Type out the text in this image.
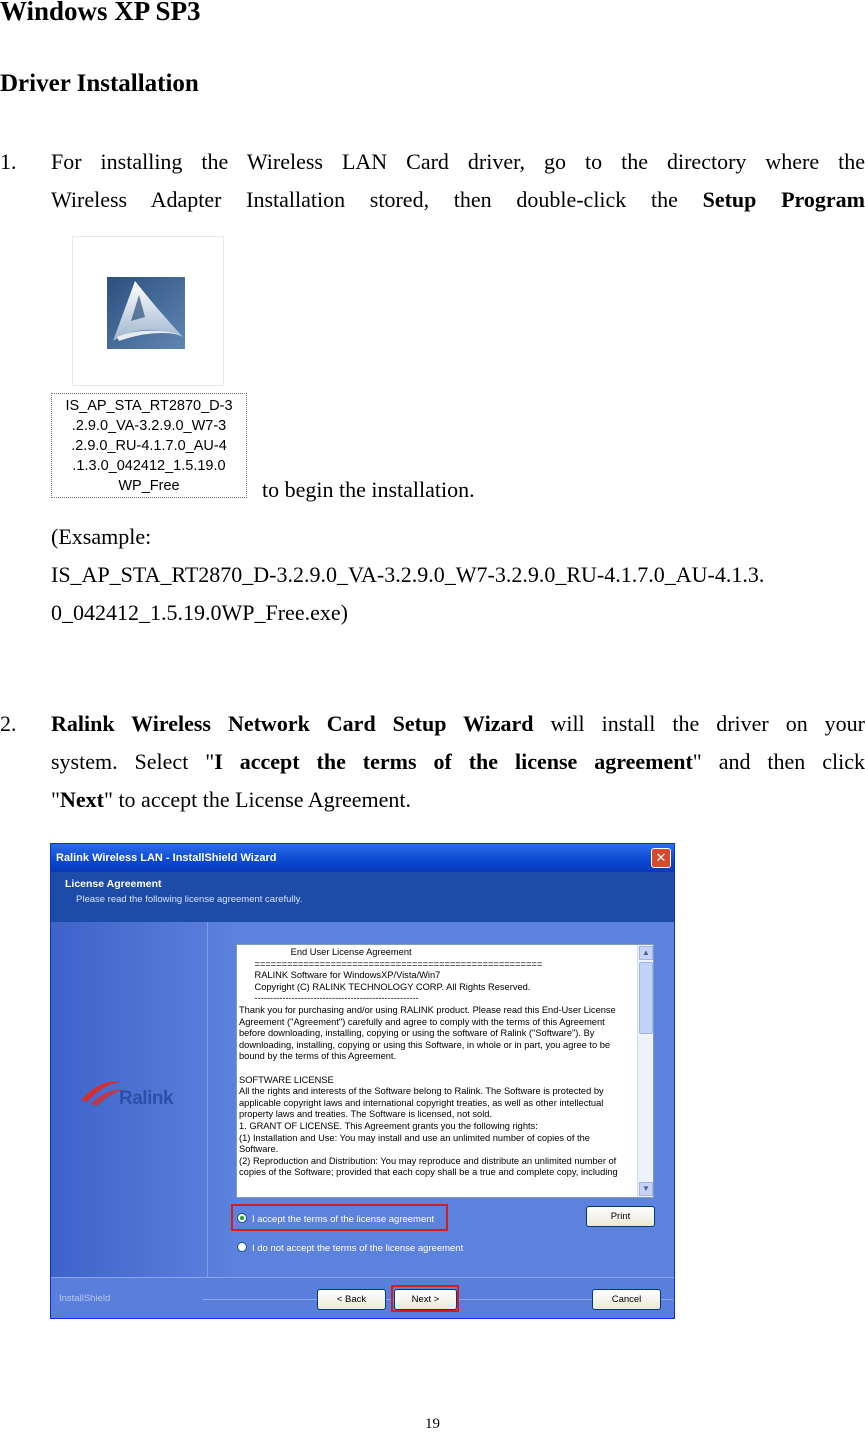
Windows XP SP3
Driver Installation
1. For installing the Wireless LAN Card driver, go to the directory where the
Wireless Adapter Installation stored, then double-click the Setup Program
IS_AP_STA_RT2870_D-3
.2.9.0_VA-3.2.9.0_W7-3
.2.9.0_RU-4.1.7.0_AU-4
.1.3.0_042412_1.5.19.0
WP_Free	to begin the installation.
(Exsample:
IS_AP_STA_RT2870_D-3.2.9.0_VA-3.2.9.0_W7-3.2.9.0_RU-4.1.7.0_AU-4.1.3.
0_042412_1.5.19.0WP_Free.exe)
2. Ralink Wireless Network Card Setup Wizard will install the driver on your
system. Select "I accept the terms of the license agreement" and then click
"Next" to accept the License Agreement.
Ralink Wireless LAN - InstallShield Wizard	✕
License Agreement
Please read the following license agreement carefully.
Ralink
End User License Agreement
=====================================================
RALINK Software for WindowsXP/Vista/Win7
Copyright (C) RALINK TECHNOLOGY CORP. All Rights Reserved.
-----------------------------------------------------
Thank you for purchasing and/or using RALINK product. Please read this End-User License
Agreement ("Agreement") carefully and agree to comply with the terms of this Agreement
before downloading, installing, copying or using the software of Ralink ("Software"). By
downloading, installing, copying or using this Software, in whole or in part, you agree to be
bound by the terms of this Agreement.

SOFTWARE LICENSE
All the rights and interests of the Software belong to Ralink. The Software is protected by
applicable copyright laws and international copyright treaties, as well as other intellectual
property laws and treaties. The Software is licensed, not sold.
1. GRANT OF LICENSE. This Agreement grants you the following rights:
(1) Installation and Use: You may install and use an unlimited number of copies of the
Software.
(2) Reproduction and Distribution: You may reproduce and distribute an unlimited number of
copies of the Software; provided that each copy shall be a true and complete copy, including
▲
▼
I accept the terms of the license agreement	Print
I do not accept the terms of the license agreement
InstallShield	< Back	Next >	Cancel
19
